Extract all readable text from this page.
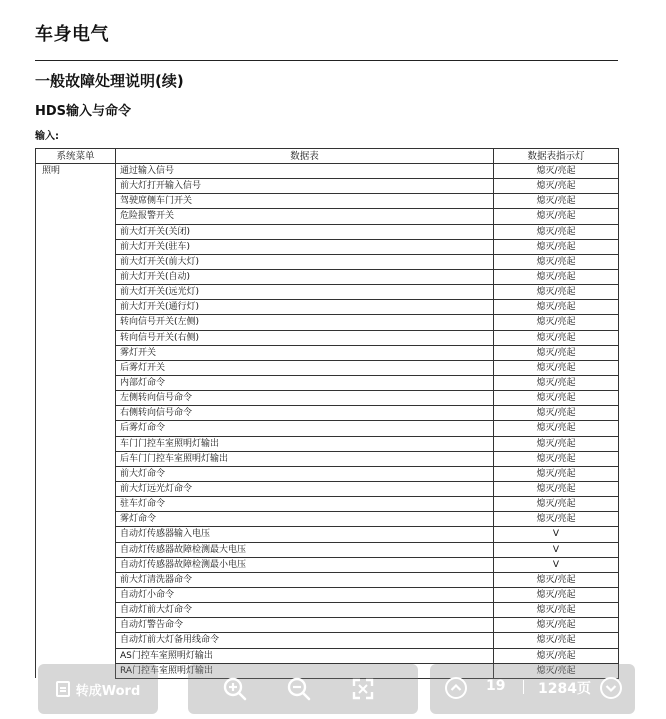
车身电气
一般故障处理说明(续)
HDS输入与命令
输入:
系统菜单	数据表	数据表指示灯
照明	通过输入信号	熄灭/亮起
	前大灯打开输入信号	熄灭/亮起
	驾驶席侧车门开关	熄灭/亮起
	危险报警开关	熄灭/亮起
	前大灯开关(关闭)	熄灭/亮起
	前大灯开关(驻车)	熄灭/亮起
	前大灯开关(前大灯)	熄灭/亮起
	前大灯开关(自动)	熄灭/亮起
	前大灯开关(远光灯)	熄灭/亮起
	前大灯开关(通行灯)	熄灭/亮起
	转向信号开关(左侧)	熄灭/亮起
	转向信号开关(右侧)	熄灭/亮起
	雾灯开关	熄灭/亮起
	后雾灯开关	熄灭/亮起
	内部灯命令	熄灭/亮起
	左侧转向信号命令	熄灭/亮起
	右侧转向信号命令	熄灭/亮起
	后雾灯命令	熄灭/亮起
	车门门控车室照明灯输出	熄灭/亮起
	后车门门控车室照明灯输出	熄灭/亮起
	前大灯命令	熄灭/亮起
	前大灯远光灯命令	熄灭/亮起
	驻车灯命令	熄灭/亮起
	雾灯命令	熄灭/亮起
	自动灯传感器输入电压	V
	自动灯传感器故障检测最大电压	V
	自动灯传感器故障检测最小电压	V
	前大灯清洗器命令	熄灭/亮起
	自动灯小命令	熄灭/亮起
	自动灯前大灯命令	熄灭/亮起
	自动灯警告命令	熄灭/亮起
	自动灯前大灯备用线命令	熄灭/亮起
	AS门控车室照明灯输出	熄灭/亮起
	RA门控车室照明灯输出	熄灭/亮起
转成Word	19 1284页
